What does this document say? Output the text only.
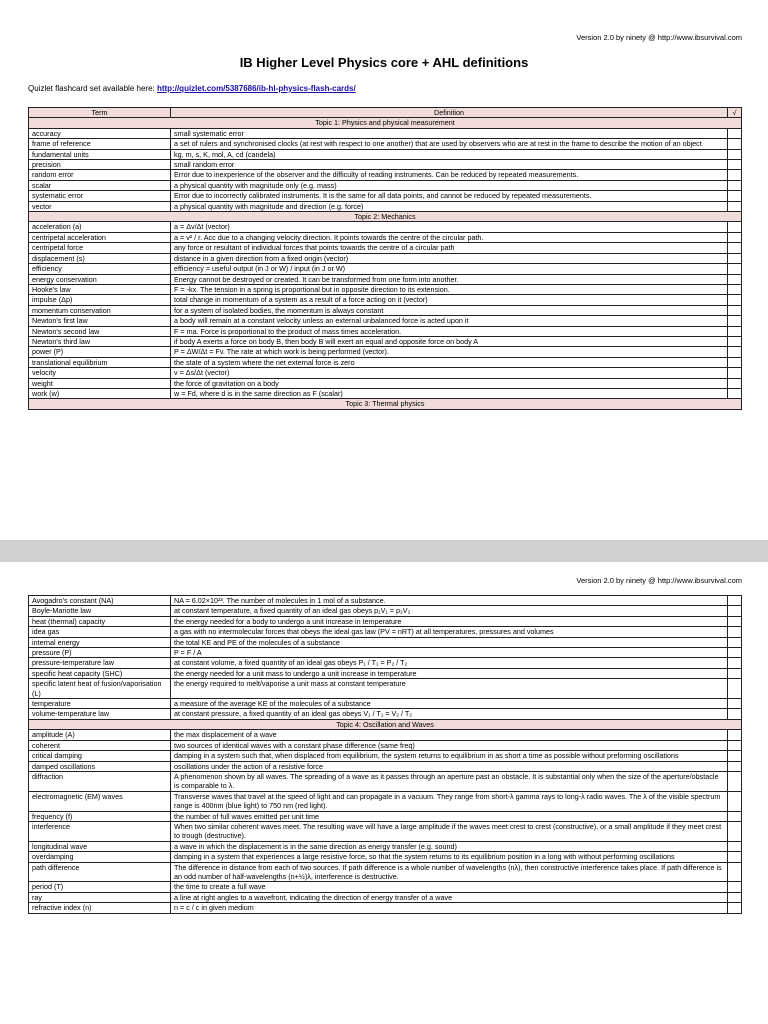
Version 2.0 by ninety @ http://www.ibsurvival.com
IB Higher Level Physics core + AHL definitions
Quizlet flashcard set available here: http://quizlet.com/5387686/ib-hl-physics-flash-cards/
Term	Definition	√
Topic 1: Physics and physical measurement		
accuracy	small systematic error	
frame of reference	a set of rulers and synchronised clocks (at rest with respect to one another) that are used by observers who are at rest in the frame to describe the motion of an object	
fundamental units	kg, m, s, K, mol, A, cd (candela)	
precision	small random error	
random error	Error due to inexperience of the observer and the difficulty of reading instruments. Can be reduced by repeated measurements.	
scalar	a physical quantity with magnitude only (e.g. mass)	
systematic error	Error due to incorrectly calibrated instruments. It is the same for all data points, and cannot be reduced by repeated measurements.	
vector	a physical quantity with magnitude and direction (e.g. force)	
Topic 2: Mechanics		
acceleration (a)	a = Δv/Δt (vector)	
centripetal acceleration	a = v² / r. Acc due to a changing velocity direction. It points towards the centre of the circular path.	
centripetal force	any force or resultant of individual forces that points towards the centre of a circular path	
displacement (s)	distance in a given direction from a fixed origin (vector)	
efficiency	efficiency = useful output (in J or W) / input (in J or W)	
energy conservation	Energy cannot be destroyed or created. It can be transformed from one form into another.	
Hooke's law	F = -kx. The tension in a spring is proportional but in opposite direction to its extension.	
impulse (Δp)	total change in momentum of a system as a result of a force acting on it (vector)	
momentum conservation	for a system of isolated bodies, the momentum is always constant	
Newton's first law	a body will remain at a constant velocity unless an external unbalanced force is acted upon it	
Newton's second law	F = ma. Force is proportional to the product of mass times acceleration.	
Newton's third law	if body A exerts a force on body B, then body B will exert an equal and opposite force on body A	
power (P)	P = ΔW/Δt = Fv. The rate at which work is being performed (vector).	
translational equilibrium	the state of a system where the net external force is zero	
velocity	v = Δs/Δt (vector)	
weight	the force of gravitation on a body	
work (w)	w = Fd, where d is in the same direction as F (scalar)	
Topic 3: Thermal physics		
Version 2.0 by ninety @ http://www.ibsurvival.com
Avogadro's constant (NA)	NA = 6.02×10²³. The number of molecules in 1 mol of a substance.	
Boyle-Mariotte law	at constant temperature, a fixed quantity of an ideal gas obeys p₁V₁ = p₂V₂	
heat (thermal) capacity	the energy needed for a body to undergo a unit increase in temperature	
idea gas	a gas with no intermolecular forces that obeys the ideal gas law (PV = nRT) at all temperatures, pressures and volumes	
internal energy	the total KE and PE of the molecules of a substance	
pressure (P)	P = F / A	
pressure-temperature law	at constant volume, a fixed quantity of an ideal gas obeys P₁ / T₁ = P₂ / T₂	
specific heat capacity (SHC)	the energy needed for a unit mass to undergo a unit increase in temperature	
specific latent heat of fusion/vaporisation (L)	the energy required to melt/vaporise a unit mass at constant temperature	
temperature	a measure of the average KE of the molecules of a substance	
volume-temperature law	at constant pressure, a fixed quantity of an ideal gas obeys V₁ / T₁ = V₂ / T₂	
Topic 4: Oscillation and Waves		
amplitude (A)	the max displacement of a wave	
coherent	two sources of identical waves with a constant phase difference (same freq)	
critical damping	damping in a system such that, when displaced from equilibrium, the system returns to equilibrium in as short a time as possible without preforming oscillations	
damped oscillations	oscillations under the action of a resistive force	
diffraction	A phenomenon shown by all waves. The spreading of a wave as it passes through an aperture past an obstacle. It is substantial only when the size of the aperture/obstacle is comparable to λ.	
electromagnetic (EM) waves	Transverse waves that travel at the speed of light and can propagate in a vacuum. They range from short-λ gamma rays to long-λ radio waves. The λ of the visible spectrum range is 400nm (blue light) to 750 nm (red light).	
frequency (f)	the number of full waves emitted per unit time	
interference	When two similar coherent waves meet. The resulting wave will have a large amplitude if the waves meet crest to crest (constructive), or a small amplitude if they meet crest to trough (destructive).	
longitudinal wave	a wave in which the displacement is in the same direction as energy transfer (e.g. sound)	
overdamping	damping in a system that experiences a large resistive force, so that the system returns to its equilibrium position in a long with without performing oscillations	
path difference	The difference in distance from each of two sources. If path difference is a whole number of wavelengths (nλ), then constructive interference takes place. If path difference is an odd number of half-wavelengths (n+½)λ, interference is destructive.	
period (T)	the time to create a full wave	
ray	a line at right angles to a wavefront, indicating the direction of energy transfer of a wave	
refractive index (n)	n = c / c in given medium	
